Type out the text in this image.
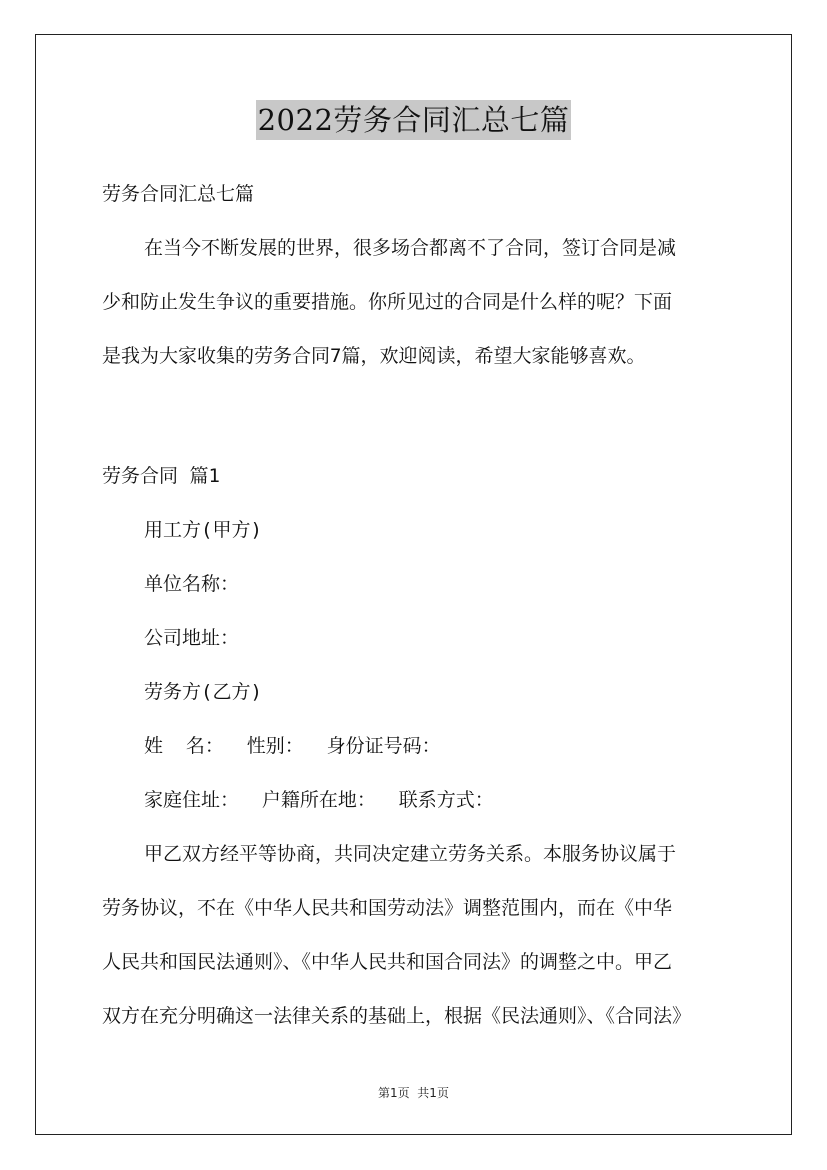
2022劳务合同汇总七篇
劳务合同汇总七篇
在当今不断发展的世界，很多场合都离不了合同，签订合同是减
少和防止发生争议的重要措施。你所见过的合同是什么样的呢？下面
是我为大家收集的劳务合同7篇，欢迎阅读，希望大家能够喜欢。
劳务合同 篇1
用工方(甲方)
单位名称：
公司地址：
劳务方(乙方)
姓  名：  性别：  身份证号码：
家庭住址：  户籍所在地：  联系方式：
甲乙双方经平等协商，共同决定建立劳务关系。本服务协议属于
劳务协议，不在《中华人民共和国劳动法》调整范围内，而在《中华
人民共和国民法通则》、《中华人民共和国合同法》的调整之中。甲乙
双方在充分明确这一法律关系的基础上，根据《民法通则》、《合同法》
第1页  共1页
